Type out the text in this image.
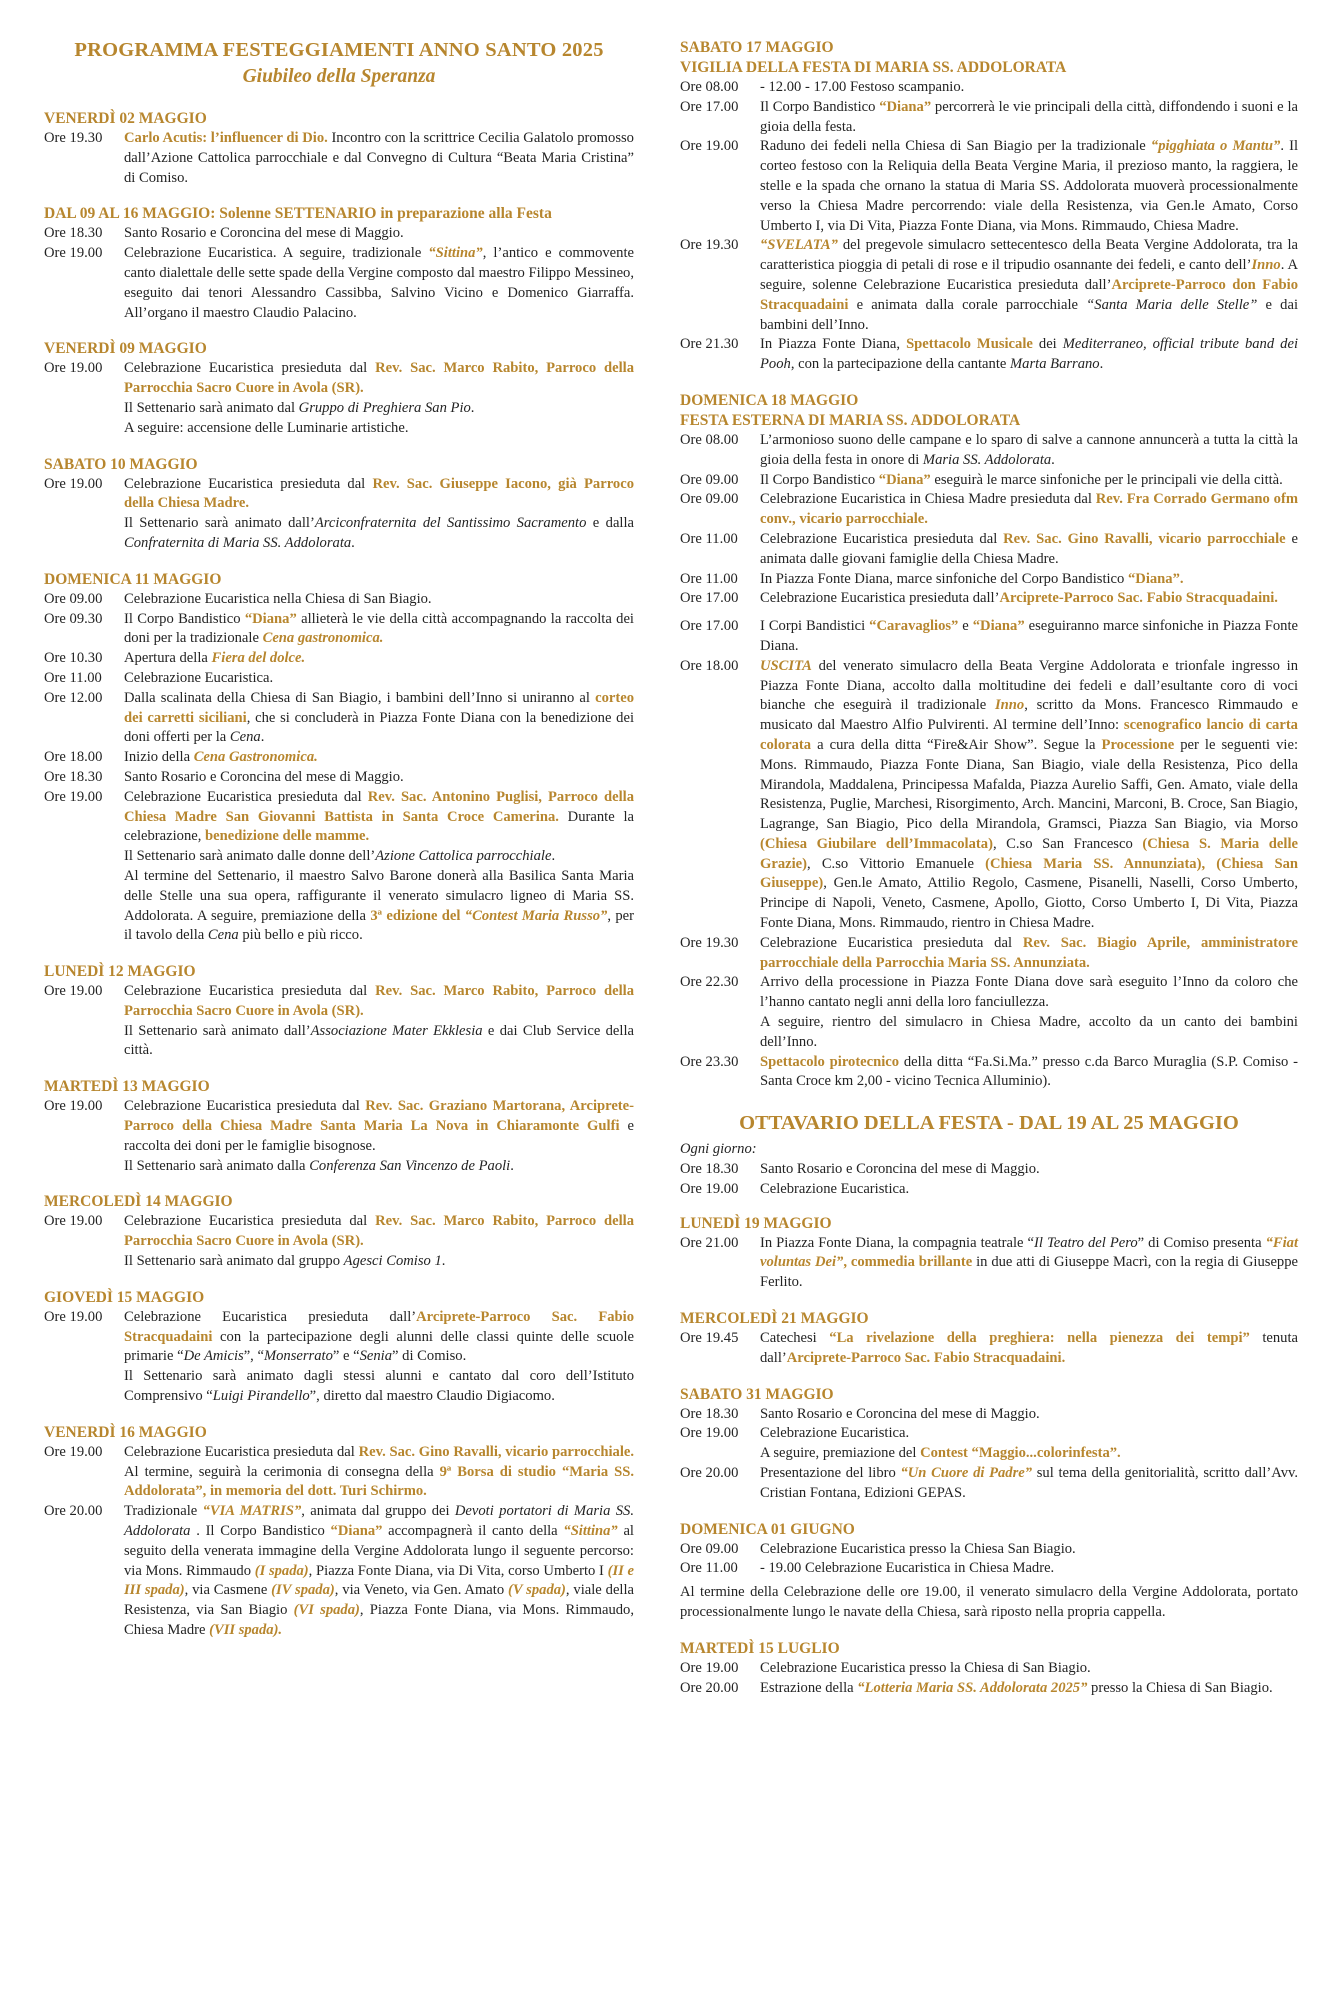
PROGRAMMA FESTEGGIAMENTI ANNO SANTO 2025
Giubileo della Speranza
VENERDÌ 02 MAGGIO
Ore 19.30	Carlo Acutis: l’influencer di Dio. Incontro con la scrittrice Cecilia Galatolo promosso dall’Azione Cattolica parrocchiale e dal Convegno di Cultura “Beata Maria Cristina” di Comiso.
DAL 09 AL 16 MAGGIO: Solenne SETTENARIO in preparazione alla Festa
Ore 18.30	Santo Rosario e Coroncina del mese di Maggio.
Ore 19.00	Celebrazione Eucaristica. A seguire, tradizionale “Sittina”, l’antico e commovente canto dialettale delle sette spade della Vergine composto dal maestro Filippo Messineo, eseguito dai tenori Alessandro Cassibba, Salvino Vicino e Domenico Giarraffa. All’organo il maestro Claudio Palacino.
VENERDÌ 09 MAGGIO
Ore 19.00	Celebrazione Eucaristica presieduta dal Rev. Sac. Marco Rabito, Parroco della Parrocchia Sacro Cuore in Avola (SR).
Il Settenario sarà animato dal Gruppo di Preghiera San Pio.
A seguire: accensione delle Luminarie artistiche.
SABATO 10 MAGGIO
Ore 19.00	Celebrazione Eucaristica presieduta dal Rev. Sac. Giuseppe Iacono, già Parroco della Chiesa Madre.
Il Settenario sarà animato dall’Arciconfraternita del Santissimo Sacramento e dalla Confraternita di Maria SS. Addolorata.
DOMENICA 11 MAGGIO
Ore 09.00	Celebrazione Eucaristica nella Chiesa di San Biagio.
Ore 09.30	Il Corpo Bandistico “Diana” allieterà le vie della città accompagnando la raccolta dei doni per la tradizionale Cena gastronomica.
Ore 10.30	Apertura della Fiera del dolce.
Ore 11.00	Celebrazione Eucaristica.
Ore 12.00	Dalla scalinata della Chiesa di San Biagio, i bambini dell’Inno si uniranno al corteo dei carretti siciliani, che si concluderà in Piazza Fonte Diana con la benedizione dei doni offerti per la Cena.
Ore 18.00	Inizio della Cena Gastronomica.
Ore 18.30	Santo Rosario e Coroncina del mese di Maggio.
Ore 19.00	Celebrazione Eucaristica presieduta dal Rev. Sac. Antonino Puglisi, Parroco della Chiesa Madre San Giovanni Battista in Santa Croce Camerina. Durante la celebrazione, benedizione delle mamme.
Il Settenario sarà animato dalle donne dell’Azione Cattolica parrocchiale.
Al termine del Settenario, il maestro Salvo Barone donerà alla Basilica Santa Maria delle Stelle una sua opera, raffigurante il venerato simulacro ligneo di Maria SS. Addolorata. A seguire, premiazione della 3ª edizione del “Contest Maria Russo”, per il tavolo della Cena più bello e più ricco.
LUNEDÌ 12 MAGGIO
Ore 19.00	Celebrazione Eucaristica presieduta dal Rev. Sac. Marco Rabito, Parroco della Parrocchia Sacro Cuore in Avola (SR).
Il Settenario sarà animato dall’Associazione Mater Ekklesia e dai Club Service della città.
MARTEDÌ 13 MAGGIO
Ore 19.00	Celebrazione Eucaristica presieduta dal Rev. Sac. Graziano Martorana, Arciprete-Parroco della Chiesa Madre Santa Maria La Nova in Chiaramonte Gulfi e raccolta dei doni per le famiglie bisognose.
Il Settenario sarà animato dalla Conferenza San Vincenzo de Paoli.
MERCOLEDÌ 14 MAGGIO
Ore 19.00	Celebrazione Eucaristica presieduta dal Rev. Sac. Marco Rabito, Parroco della Parrocchia Sacro Cuore in Avola (SR).
Il Settenario sarà animato dal gruppo Agesci Comiso 1.
GIOVEDÌ 15 MAGGIO
Ore 19.00	Celebrazione Eucaristica presieduta dall’Arciprete-Parroco Sac. Fabio Stracquadaini con la partecipazione degli alunni delle classi quinte delle scuole primarie “De Amicis”, “Monserrato” e “Senia” di Comiso.
Il Settenario sarà animato dagli stessi alunni e cantato dal coro dell’Istituto Comprensivo “Luigi Pirandello”, diretto dal maestro Claudio Digiacomo.
VENERDÌ 16 MAGGIO
Ore 19.00	Celebrazione Eucaristica presieduta dal Rev. Sac. Gino Ravalli, vicario parrocchiale. Al termine, seguirà la cerimonia di consegna della 9ª Borsa di studio “Maria SS. Addolorata”, in memoria del dott. Turi Schirmo.
Ore 20.00	Tradizionale “VIA MATRIS”, animata dal gruppo dei Devoti portatori di Maria SS. Addolorata . Il Corpo Bandistico “Diana” accompagnerà il canto della “Sittina” al seguito della venerata immagine della Vergine Addolorata lungo il seguente percorso: via Mons. Rimmaudo (I spada), Piazza Fonte Diana, via Di Vita, corso Umberto I (II e III spada), via Casmene (IV spada), via Veneto, via Gen. Amato (V spada), viale della Resistenza, via San Biagio (VI spada), Piazza Fonte Diana, via Mons. Rimmaudo, Chiesa Madre (VII spada).
SABATO 17 MAGGIO
VIGILIA DELLA FESTA DI MARIA SS. ADDOLORATA
Ore 08.00	- 12.00 - 17.00 Festoso scampanio.
Ore 17.00	Il Corpo Bandistico “Diana” percorrerà le vie principali della città, diffondendo i suoni e la gioia della festa.
Ore 19.00	Raduno dei fedeli nella Chiesa di San Biagio per la tradizionale “pigghiata o Mantu”. Il corteo festoso con la Reliquia della Beata Vergine Maria, il prezioso manto, la raggiera, le stelle e la spada che ornano la statua di Maria SS. Addolorata muoverà processionalmente verso la Chiesa Madre percorrendo: viale della Resistenza, via Gen.le Amato, Corso Umberto I, via Di Vita, Piazza Fonte Diana, via Mons. Rimmaudo, Chiesa Madre.
Ore 19.30	“SVELATA” del pregevole simulacro settecentesco della Beata Vergine Addolorata, tra la caratteristica pioggia di petali di rose e il tripudio osannante dei fedeli, e canto dell’Inno. A seguire, solenne Celebrazione Eucaristica presieduta dall’Arciprete-Parroco don Fabio Stracquadaini e animata dalla corale parrocchiale “Santa Maria delle Stelle” e dai bambini dell’Inno.
Ore 21.30	In Piazza Fonte Diana, Spettacolo Musicale dei Mediterraneo, official tribute band dei Pooh, con la partecipazione della cantante Marta Barrano.
DOMENICA 18 MAGGIO
FESTA ESTERNA DI MARIA SS. ADDOLORATA
Ore 08.00	L’armonioso suono delle campane e lo sparo di salve a cannone annuncerà a tutta la città la gioia della festa in onore di Maria SS. Addolorata.
Ore 09.00	Il Corpo Bandistico “Diana” eseguirà le marce sinfoniche per le principali vie della città.
Ore 09.00	Celebrazione Eucaristica in Chiesa Madre presieduta dal Rev. Fra Corrado Germano ofm conv., vicario parrocchiale.
Ore 11.00	Celebrazione Eucaristica presieduta dal Rev. Sac. Gino Ravalli, vicario parrocchiale e animata dalle giovani famiglie della Chiesa Madre.
Ore 11.00	In Piazza Fonte Diana, marce sinfoniche del Corpo Bandistico “Diana”.
Ore 17.00	Celebrazione Eucaristica presieduta dall’Arciprete-Parroco Sac. Fabio Stracquadaini.
Ore 17.00	I Corpi Bandistici “Caravaglios” e “Diana” eseguiranno marce sinfoniche in Piazza Fonte Diana.
Ore 18.00	USCITA del venerato simulacro della Beata Vergine Addolorata e trionfale ingresso in Piazza Fonte Diana, accolto dalla moltitudine dei fedeli e dall’esultante coro di voci bianche che eseguirà il tradizionale Inno, scritto da Mons. Francesco Rimmaudo e musicato dal Maestro Alfio Pulvirenti. Al termine dell’Inno: scenografico lancio di carta colorata a cura della ditta “Fire&Air Show”. Segue la Processione per le seguenti vie: Mons. Rimmaudo, Piazza Fonte Diana, San Biagio, viale della Resistenza, Pico della Mirandola, Maddalena, Principessa Mafalda, Piazza Aurelio Saffi, Gen. Amato, viale della Resistenza, Puglie, Marchesi, Risorgimento, Arch. Mancini, Marconi, B. Croce, San Biagio, Lagrange, San Biagio, Pico della Mirandola, Gramsci, Piazza San Biagio, via Morso (Chiesa Giubilare dell’Immacolata), C.so San Francesco (Chiesa S. Maria delle Grazie), C.so Vittorio Emanuele (Chiesa Maria SS. Annunziata), (Chiesa San Giuseppe), Gen.le Amato, Attilio Regolo, Casmene, Pisanelli, Naselli, Corso Umberto, Principe di Napoli, Veneto, Casmene, Apollo, Giotto, Corso Umberto I, Di Vita, Piazza Fonte Diana, Mons. Rimmaudo, rientro in Chiesa Madre.
Ore 19.30	Celebrazione Eucaristica presieduta dal Rev. Sac. Biagio Aprile, amministratore parrocchiale della Parrocchia Maria SS. Annunziata.
Ore 22.30	Arrivo della processione in Piazza Fonte Diana dove sarà eseguito l’Inno da coloro che l’hanno cantato negli anni della loro fanciullezza.
A seguire, rientro del simulacro in Chiesa Madre, accolto da un canto dei bambini dell’Inno.
Ore 23.30	Spettacolo pirotecnico della ditta “Fa.Si.Ma.” presso c.da Barco Muraglia (S.P. Comiso - Santa Croce km 2,00 - vicino Tecnica Alluminio).
OTTAVARIO DELLA FESTA - DAL 19 AL 25 MAGGIO
Ogni giorno:
Ore 18.30	Santo Rosario e Coroncina del mese di Maggio.
Ore 19.00	Celebrazione Eucaristica.
LUNEDÌ 19 MAGGIO
Ore 21.00	In Piazza Fonte Diana, la compagnia teatrale “Il Teatro del Pero” di Comiso presenta “Fiat voluntas Dei”, commedia brillante in due atti di Giuseppe Macrì, con la regia di Giuseppe Ferlito.
MERCOLEDÌ 21 MAGGIO
Ore 19.45	Catechesi “La rivelazione della preghiera: nella pienezza dei tempi” tenuta dall’Arciprete-Parroco Sac. Fabio Stracquadaini.
SABATO 31 MAGGIO
Ore 18.30	Santo Rosario e Coroncina del mese di Maggio.
Ore 19.00	Celebrazione Eucaristica.
A seguire, premiazione del Contest “Maggio...colorinfesta”.
Ore 20.00	Presentazione del libro “Un Cuore di Padre” sul tema della genitorialità, scritto dall’Avv. Cristian Fontana, Edizioni GEPAS.
DOMENICA 01 GIUGNO
Ore 09.00	Celebrazione Eucaristica presso la Chiesa San Biagio.
Ore 11.00	- 19.00 Celebrazione Eucaristica in Chiesa Madre.
Al termine della Celebrazione delle ore 19.00, il venerato simulacro della Vergine Addolorata, portato processionalmente lungo le navate della Chiesa, sarà riposto nella propria cappella.
MARTEDÌ 15 LUGLIO
Ore 19.00	Celebrazione Eucaristica presso la Chiesa di San Biagio.
Ore 20.00	Estrazione della “Lotteria Maria SS. Addolorata 2025” presso la Chiesa di San Biagio.
